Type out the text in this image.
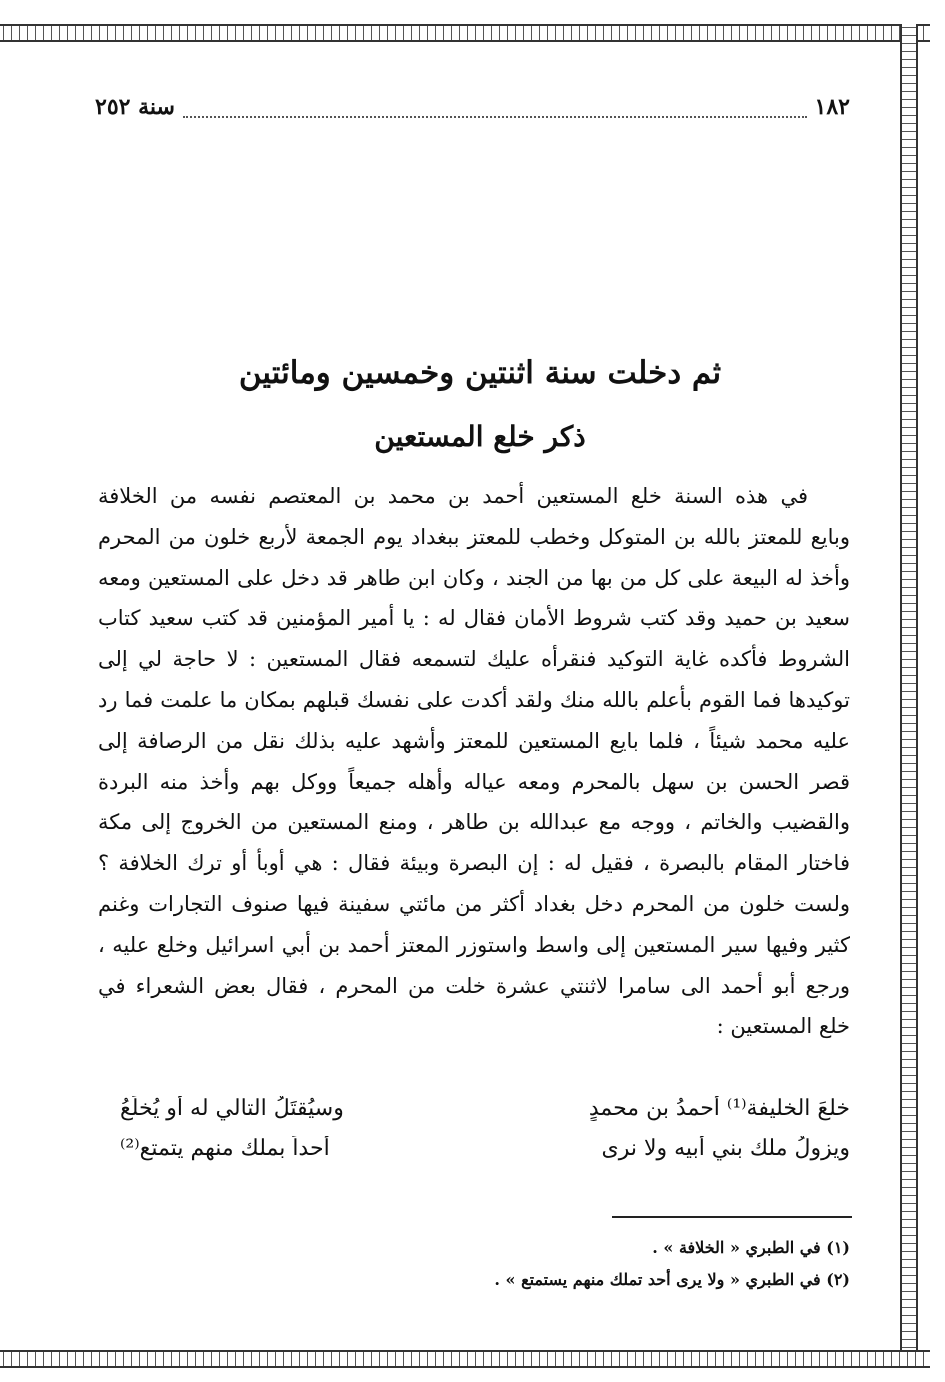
١٨٢
سنة ٢٥٢
ثم دخلت سنة اثنتين وخمسين ومائتين
ذكر خلع المستعين
في هذه السنة خلع المستعين أحمد بن محمد بن المعتصم نفسه من الخلافة
وبايع للمعتز بالله بن المتوكل وخطب للمعتز ببغداد يوم الجمعة لأربع خلون من المحرم
وأخذ له البيعة على كل من بها من الجند ، وكان ابن طاهر قد دخل على المستعين ومعه
سعيد بن حميد وقد كتب شروط الأمان فقال له : يا أمير المؤمنين قد كتب سعيد كتاب
الشروط فأكده غاية التوكيد فنقرأه عليك لتسمعه فقال المستعين : لا حاجة لي إلى
توكيدها فما القوم بأعلم بالله منك ولقد أكدت على نفسك قبلهم بمكان ما علمت فما رد
عليه محمد شيئاً ، فلما بايع المستعين للمعتز وأشهد عليه بذلك نقل من الرصافة إلى
قصر الحسن بن سهل بالمحرم ومعه عياله وأهله جميعاً ووكل بهم وأخذ منه البردة
والقضيب والخاتم ، ووجه مع عبدالله بن طاهر ، ومنع المستعين من الخروج إلى مكة
فاختار المقام بالبصرة ، فقيل له : إن البصرة وبيئة فقال : هي أوبأ أو ترك الخلافة ؟
ولست خلون من المحرم دخل بغداد أكثر من مائتي سفينة فيها صنوف التجارات وغنم
كثير وفيها سير المستعين إلى واسط واستوزر المعتز أحمد بن أبي اسرائيل وخلع عليه ،
ورجع أبو أحمد الى سامرا لاثنتي عشرة خلت من المحرم ، فقال بعض الشعراء في
خلع المستعين :
خلعَ الخليفة⁽¹⁾ أحمدُ بن محمدٍ
وسيُقتَلُ التالي له أو يُخلَعُ
ويزولُ ملك بني أبيه ولا نرى
أحداً بملك منهم يتمتع⁽²⁾
(١) في الطبري « الخلافة » .
(٢) في الطبري « ولا يرى أحد تملك منهم يستمتع » .
